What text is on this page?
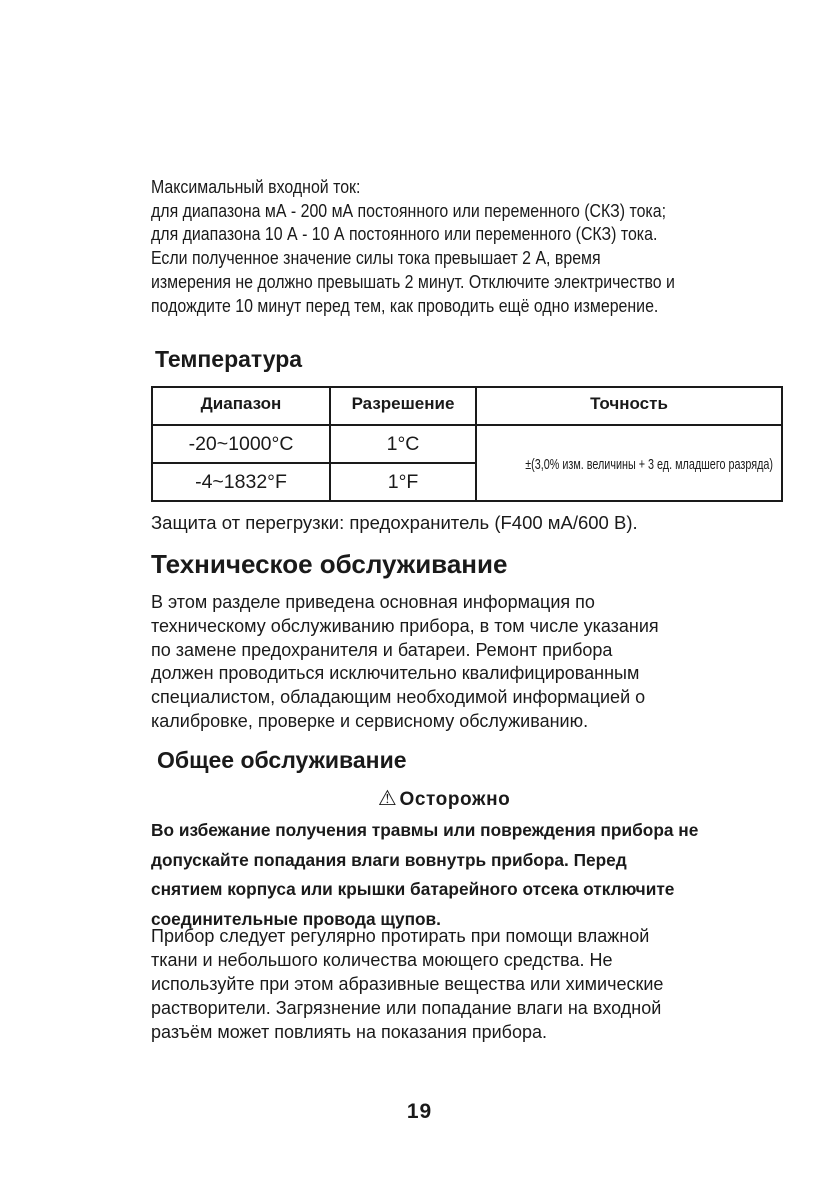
Максимальный входной ток:

для диапазона мА - 200 мА постоянного или переменного (СКЗ) тока;

для диапазона 10 А - 10 А постоянного или переменного (СКЗ) тока.

Если полученное значение силы тока превышает 2 А, время

измерения не должно превышать 2 минут. Отключите электричество и

подождите 10 минут перед тем, как проводить ещё одно измерение.

Температура
Диапазон	Разрешение	Точность
-20~1000°C	1°C	±(3,0% изм. величины + 3 ед. младшего разряда)
-4~1832°F	1°F	
Защита от перегрузки: предохранитель (F400 мА/600 В).
Техническое обслуживание

В этом разделе приведена основная информация по

техническому обслуживанию прибора, в том числе указания

по замене предохранителя и батареи. Ремонт прибора

должен проводиться исключительно квалифицированным

специалистом, обладающим необходимой информацией о

калибровке, проверке и сервисному обслуживанию.

Общее обслуживание
⚠ Осторожно

Во избежание получения травмы или повреждения прибора не

допускайте попадания влаги вовнутрь прибора. Перед

снятием корпуса или крышки батарейного отсека отключите

соединительные провода щупов.

Прибор следует регулярно протирать при помощи влажной

ткани и небольшого количества моющего средства. Не

используйте при этом абразивные вещества или химические

растворители. Загрязнение или попадание влаги на входной

разъём может повлиять на показания прибора.

19
